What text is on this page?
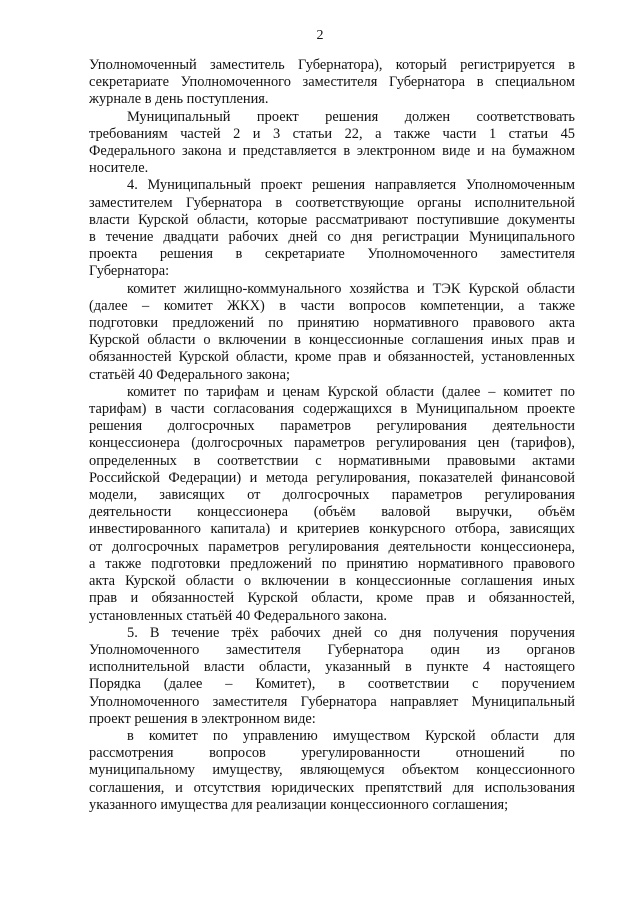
2
Уполномоченный заместитель Губернатора), который регистрируется в
секретариате Уполномоченного заместителя Губернатора в специальном
журнале в день поступления.
Муниципальный проект решения должен соответствовать
требованиям частей 2 и 3 статьи 22, а также части 1 статьи 45
Федерального закона и представляется в электронном виде и на бумажном
носителе.
4. Муниципальный проект решения направляется Уполномоченным
заместителем Губернатора в соответствующие органы исполнительной
власти Курской области, которые рассматривают поступившие документы
в течение двадцати рабочих дней со дня регистрации Муниципального
проекта решения в секретариате Уполномоченного заместителя
Губернатора:
комитет жилищно-коммунального хозяйства и ТЭК Курской области
(далее – комитет ЖКХ) в части вопросов компетенции, а также
подготовки предложений по принятию нормативного правового акта
Курской области о включении в концессионные соглашения иных прав и
обязанностей Курской области, кроме прав и обязанностей, установленных
статьёй 40 Федерального закона;
комитет по тарифам и ценам Курской области (далее – комитет по
тарифам) в части согласования содержащихся в Муниципальном проекте
решения долгосрочных параметров регулирования деятельности
концессионера (долгосрочных параметров регулирования цен (тарифов),
определенных в соответствии с нормативными правовыми актами
Российской Федерации) и метода регулирования, показателей финансовой
модели, зависящих от долгосрочных параметров регулирования
деятельности концессионера (объём валовой выручки, объём
инвестированного капитала) и критериев конкурсного отбора, зависящих
от долгосрочных параметров регулирования деятельности концессионера,
а также подготовки предложений по принятию нормативного правового
акта Курской области о включении в концессионные соглашения иных
прав и обязанностей Курской области, кроме прав и обязанностей,
установленных статьёй 40 Федерального закона.
5. В течение трёх рабочих дней со дня получения поручения
Уполномоченного заместителя Губернатора один из органов
исполнительной власти области, указанный в пункте 4 настоящего
Порядка (далее – Комитет), в соответствии с поручением
Уполномоченного заместителя Губернатора направляет Муниципальный
проект решения в электронном виде:
в комитет по управлению имуществом Курской области для
рассмотрения вопросов урегулированности отношений по
муниципальному имуществу, являющемуся объектом концессионного
соглашения, и отсутствия юридических препятствий для использования
указанного имущества для реализации концессионного соглашения;
